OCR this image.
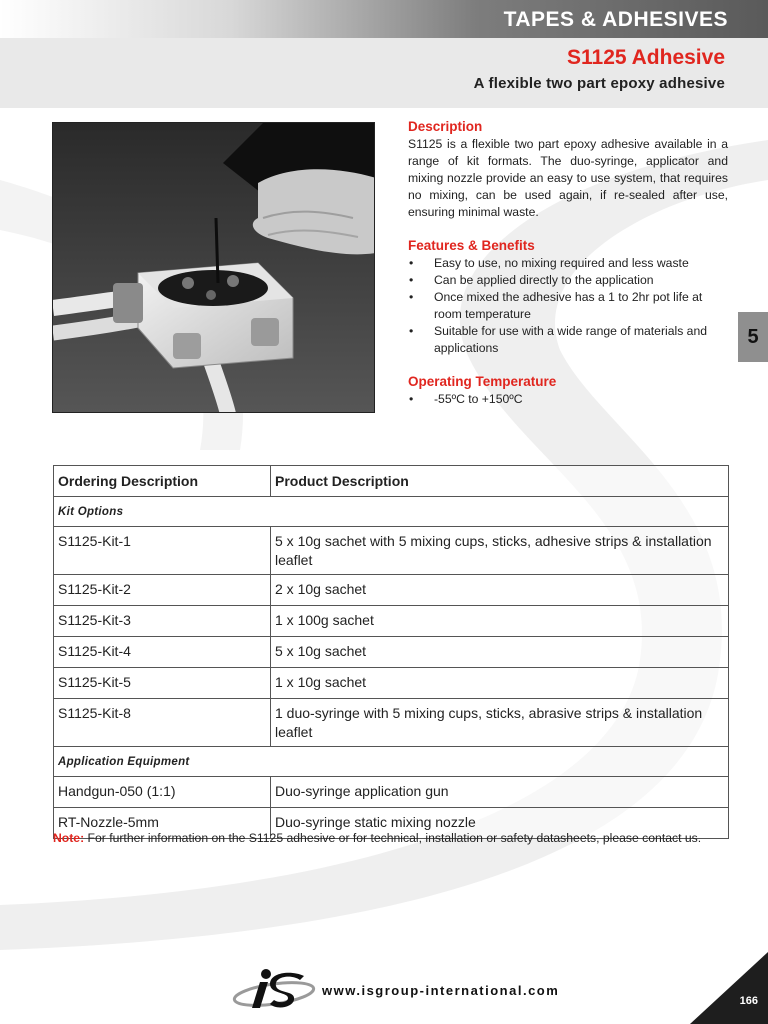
TAPES & ADHESIVES
S1125 Adhesive
A flexible two part epoxy adhesive
Description
S1125 is a flexible two part epoxy adhesive available in a range of kit formats. The duo-syringe, applicator and mixing nozzle provide an easy to use system, that requires no mixing, can be used again, if re-sealed after use, ensuring minimal waste.
Features & Benefits
• Easy to use, no mixing required and less waste
• Can be applied directly to the application
• Once mixed the adhesive has a 1 to 2hr pot life at room temperature
• Suitable for use with a wide range of materials and applications
Operating Temperature
• -55ºC to +150ºC
5
Ordering Description	Product Description
Kit Options	
S1125-Kit-1	5 x 10g sachet with 5 mixing cups, sticks, adhesive strips & installation leaflet
S1125-Kit-2	2 x 10g sachet
S1125-Kit-3	1 x 100g sachet
S1125-Kit-4	5 x 10g sachet
S1125-Kit-5	1 x 10g sachet
S1125-Kit-8	1 duo-syringe with 5 mixing cups, sticks, abrasive strips & installation leaflet
Application Equipment	
Handgun-050 (1:1)	Duo-syringe application gun
RT-Nozzle-5mm	Duo-syringe static mixing nozzle
Note: For further information on the S1125 adhesive or for technical, installation or safety datasheets, please contact us.
www.isgroup-international.com
166
